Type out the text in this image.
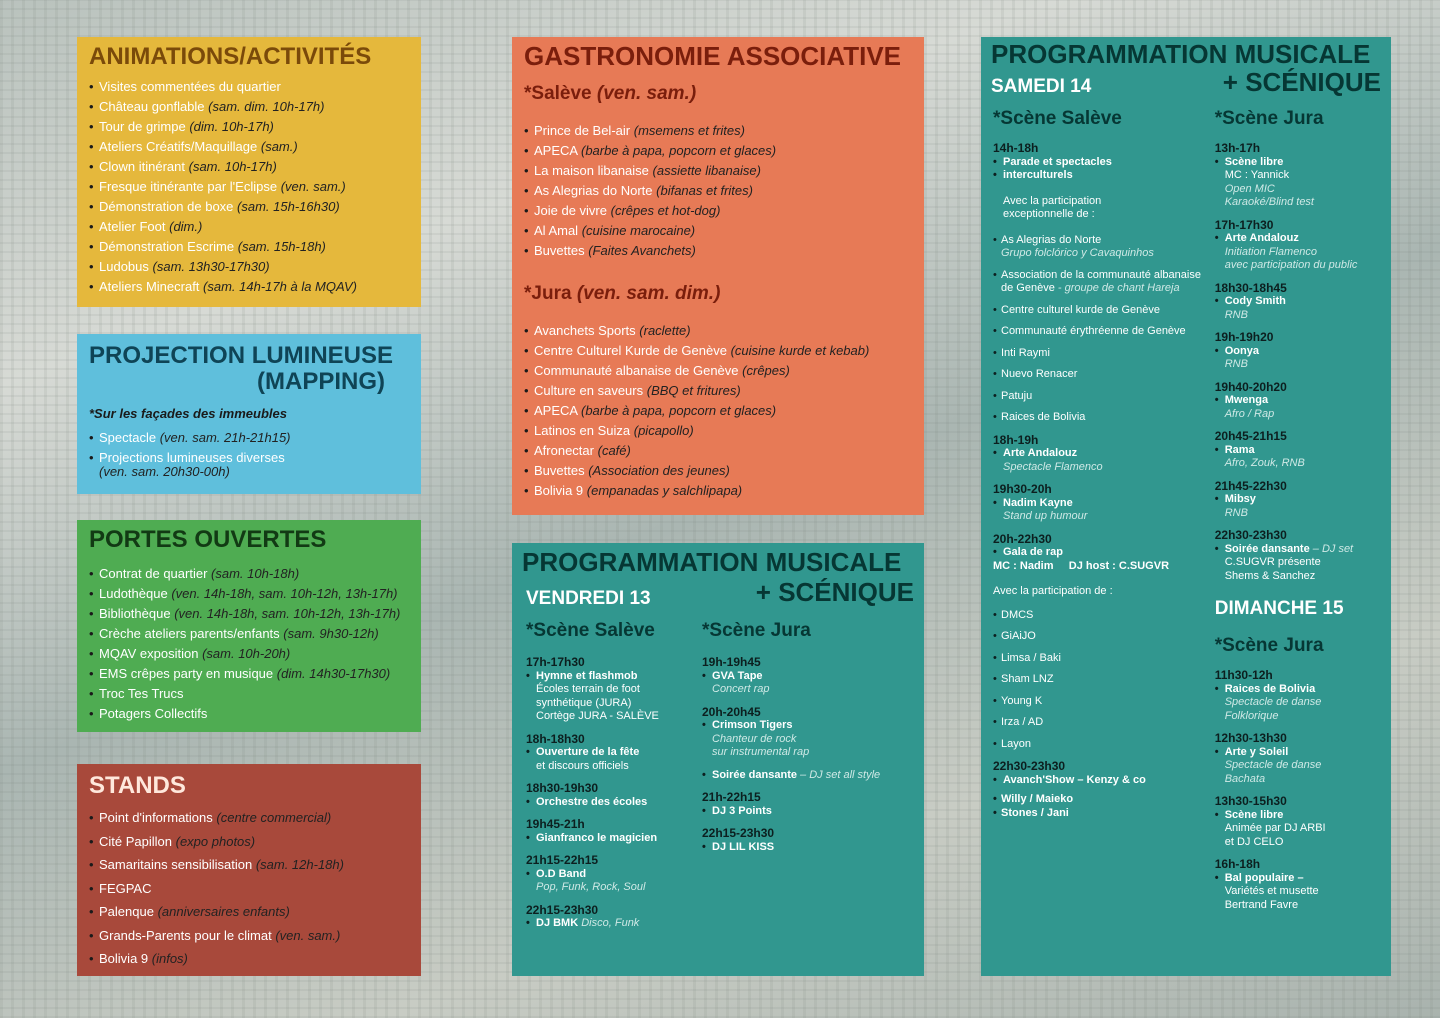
ANIMATIONS/ACTIVITÉS
• Visites commentées du quartier
• Château gonflable (sam. dim. 10h-17h)
• Tour de grimpe (dim. 10h-17h)
• Ateliers Créatifs/Maquillage (sam.)
• Clown itinérant (sam. 10h-17h)
• Fresque itinérante par l'Eclipse (ven. sam.)
• Démonstration de boxe (sam. 15h-16h30)
• Atelier Foot (dim.)
• Démonstration Escrime (sam. 15h-18h)
• Ludobus (sam. 13h30-17h30)
• Ateliers Minecraft (sam. 14h-17h à la MQAV)
PROJECTION LUMINEUSE
(MAPPING)
*Sur les façades des immeubles
• Spectacle (ven. sam. 21h-21h15)
• Projections lumineuses diverses
(ven. sam. 20h30-00h)
PORTES OUVERTES
• Contrat de quartier (sam. 10h-18h)
• Ludothèque (ven. 14h-18h, sam. 10h-12h, 13h-17h)
• Bibliothèque (ven. 14h-18h, sam. 10h-12h, 13h-17h)
• Crèche ateliers parents/enfants (sam. 9h30-12h)
• MQAV exposition (sam. 10h-20h)
• EMS crêpes party en musique (dim. 14h30-17h30)
• Troc Tes Trucs
• Potagers Collectifs
STANDS
• Point d'informations (centre commercial)
• Cité Papillon (expo photos)
• Samaritains sensibilisation (sam. 12h-18h)
• FEGPAC
• Palenque (anniversaires enfants)
• Grands-Parents pour le climat (ven. sam.)
• Bolivia 9 (infos)
GASTRONOMIE ASSOCIATIVE
*Salève (ven. sam.)
• Prince de Bel-air (msemens et frites)
• APECA (barbe à papa, popcorn et glaces)
• La maison libanaise (assiette libanaise)
• As Alegrias do Norte (bifanas et frites)
• Joie de vivre (crêpes et hot-dog)
• Al Amal (cuisine marocaine)
• Buvettes (Faites Avanchets)
*Jura (ven. sam. dim.)
• Avanchets Sports (raclette)
• Centre Culturel Kurde de Genève (cuisine kurde et kebab)
• Communauté albanaise de Genève (crêpes)
• Culture en saveurs (BBQ et fritures)
• APECA (barbe à papa, popcorn et glaces)
• Latinos en Suiza (picapollo)
• Afronectar (café)
• Buvettes (Association des jeunes)
• Bolivia 9 (empanadas y salchlipapa)
PROGRAMMATION MUSICALE
VENDREDI 13	+ SCÉNIQUE
*Scène Salève
17h-17h30
• Hymne et flashmob
Écoles terrain de foot
synthétique (JURA)
Cortège JURA - SALÈVE
18h-18h30
• Ouverture de la fête
et discours officiels
18h30-19h30
• Orchestre des écoles
19h45-21h
• Gianfranco le magicien
21h15-22h15
• O.D Band
Pop, Funk, Rock, Soul
22h15-23h30
• DJ BMK Disco, Funk
*Scène Jura
19h-19h45
• GVA Tape
Concert rap
20h-20h45
• Crimson Tigers
Chanteur de rock
sur instrumental rap
• Soirée dansante – DJ set all style
21h-22h15
• DJ 3 Points
22h15-23h30
• DJ LIL KISS
PROGRAMMATION MUSICALE
SAMEDI 14	+ SCÉNIQUE
*Scène Salève
14h-18h
• Parade et spectacles
• interculturels
Avec la participation
exceptionnelle de :
• As Alegrias do Norte
Grupo folclórico y Cavaquinhos
• Association de la communauté albanaise de Genève - groupe de chant Hareja
• Centre culturel kurde de Genève
• Communauté érythréenne de Genève
• Inti Raymi
• Nuevo Renacer
• Patuju
• Raices de Bolivia
18h-19h
• Arte Andalouz
Spectacle Flamenco
19h30-20h
• Nadim Kayne
Stand up humour
20h-22h30
• Gala de rap
MC : Nadim     DJ host : C.SUGVR
Avec la participation de :
• DMCS
• GiAiJO
• Limsa / Baki
• Sham LNZ
• Young K
• Irza / AD
• Layon
22h30-23h30
• Avanch'Show – Kenzy & co
• Willy / Maieko
• Stones / Jani
*Scène Jura
13h-17h
• Scène libre
MC : Yannick
Open MIC
Karaoké/Blind test
17h-17h30
• Arte Andalouz
Initiation Flamenco
avec participation du public
18h30-18h45
• Cody Smith
RNB
19h-19h20
• Oonya
RNB
19h40-20h20
• Mwenga
Afro / Rap
20h45-21h15
• Rama
Afro, Zouk, RNB
21h45-22h30
• Mibsy
RNB
22h30-23h30
• Soirée dansante – DJ set
C.SUGVR présente
Shems & Sanchez
DIMANCHE 15
*Scène Jura
11h30-12h
• Raices de Bolivia
Spectacle de danse
Folklorique
12h30-13h30
• Arte y Soleil
Spectacle de danse
Bachata
13h30-15h30
• Scène libre
Animée par DJ ARBI
et DJ CELO
16h-18h
• Bal populaire –
Variétés et musette
Bertrand Favre
